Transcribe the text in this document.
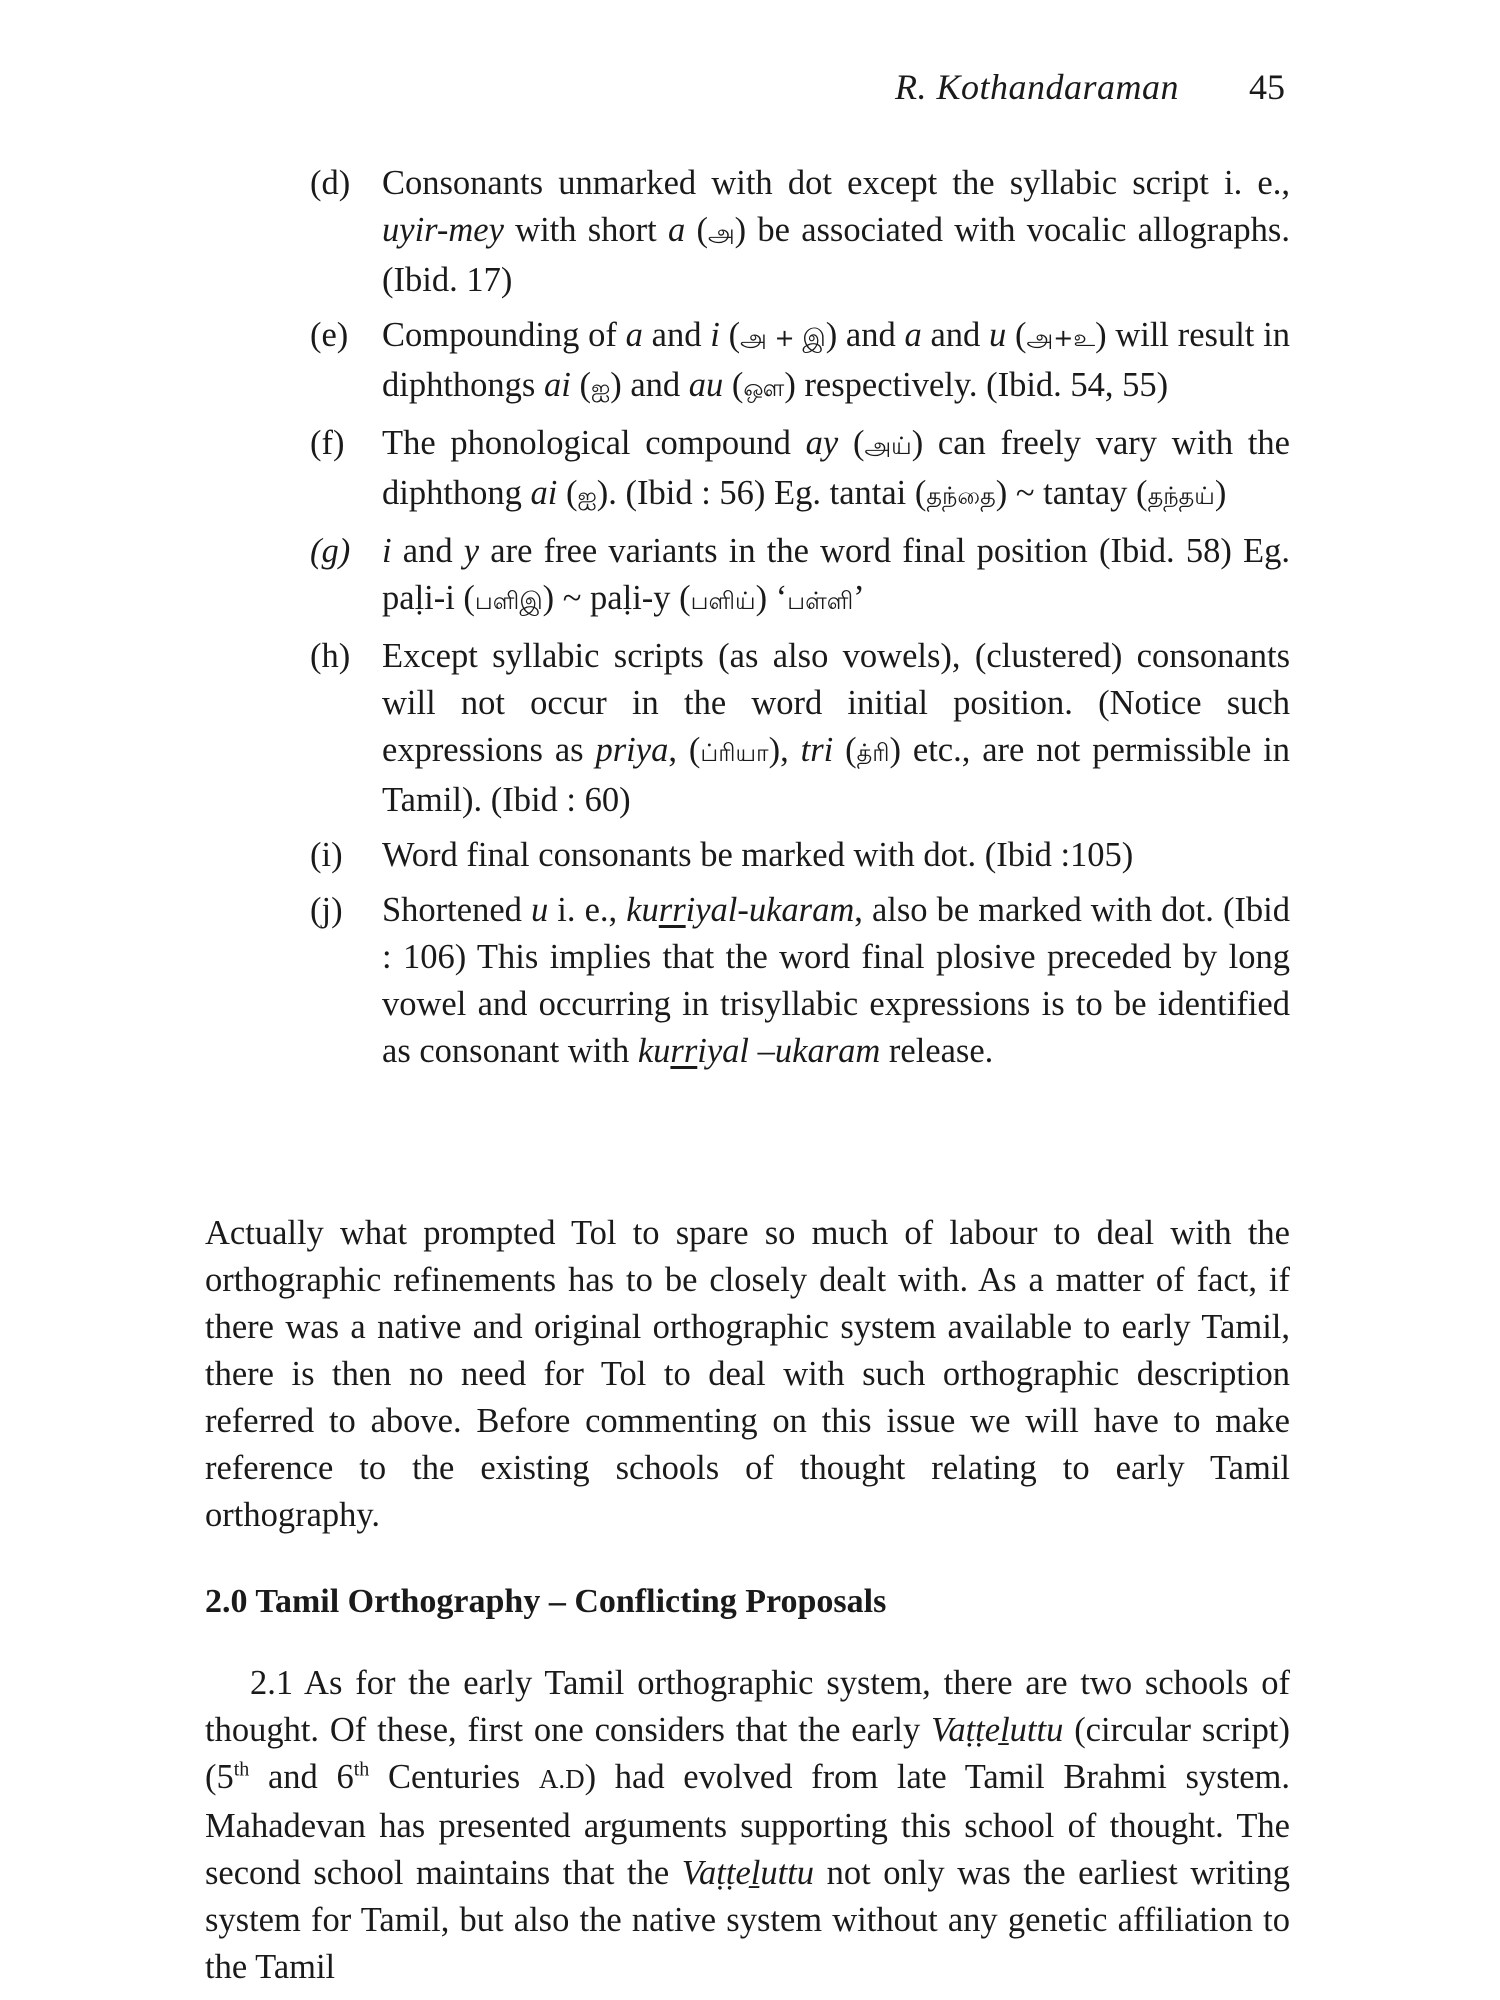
R. Kothandaraman 45
(d) Consonants unmarked with dot except the syllabic script i. e., uyir-mey with short a (அ) be associated with vocalic allographs. (Ibid. 17)
(e) Compounding of a and i (அ + இ) and a and u (அ+உ) will result in diphthongs ai (ஐ) and au (ஔ) respectively. (Ibid. 54, 55)
(f)	The phonological compound ay (அய்) can freely vary with the diphthong ai (ஐ). (Ibid : 56) Eg. tantai (தந்தை) ~ tantay (தந்தய்)
(g) i and y are free variants in the word final position (Ibid. 58) Eg. paḷi-i (பளிஇ) ~ paḷi-y (பளிய்) ‘பள்ளி’
(h) Except syllabic scripts (as also vowels), (clustered) consonants will not occur in the word initial position. (Notice such expressions as priya, (ப்ரியா), tri (த்ரி) etc., are not permissible in Tamil). (Ibid : 60)
(i)	Word final consonants be marked with dot. (Ibid :105)
(j)	Shortened u i. e., kurriyal-ukaram, also be marked with dot. (Ibid : 106) This implies that the word final plosive preceded by long vowel and occurring in trisyllabic expressions is to be identified as consonant with kurriyal –ukaram release.
Actually what prompted Tol to spare so much of labour to deal with the orthographic refinements has to be closely dealt with. As a matter of fact, if there was a native and original orthographic system available to early Tamil, there is then no need for Tol to deal with such orthographic description referred to above. Before commenting on this issue we will have to make reference to the existing schools of thought relating to early Tamil orthography.
2.0 Tamil Orthography – Conflicting Proposals
2.1 As for the early Tamil orthographic system, there are two schools of thought. Of these, first one considers that the early Vaṭṭeḻuttu (circular script) (5th and 6th Centuries A.D) had evolved from late Tamil Brahmi system. Mahadevan has presented arguments supporting this school of thought. The second school maintains that the Vaṭṭeḻuttu not only was the earliest writing system for Tamil, but also the native system without any genetic affiliation to the Tamil
